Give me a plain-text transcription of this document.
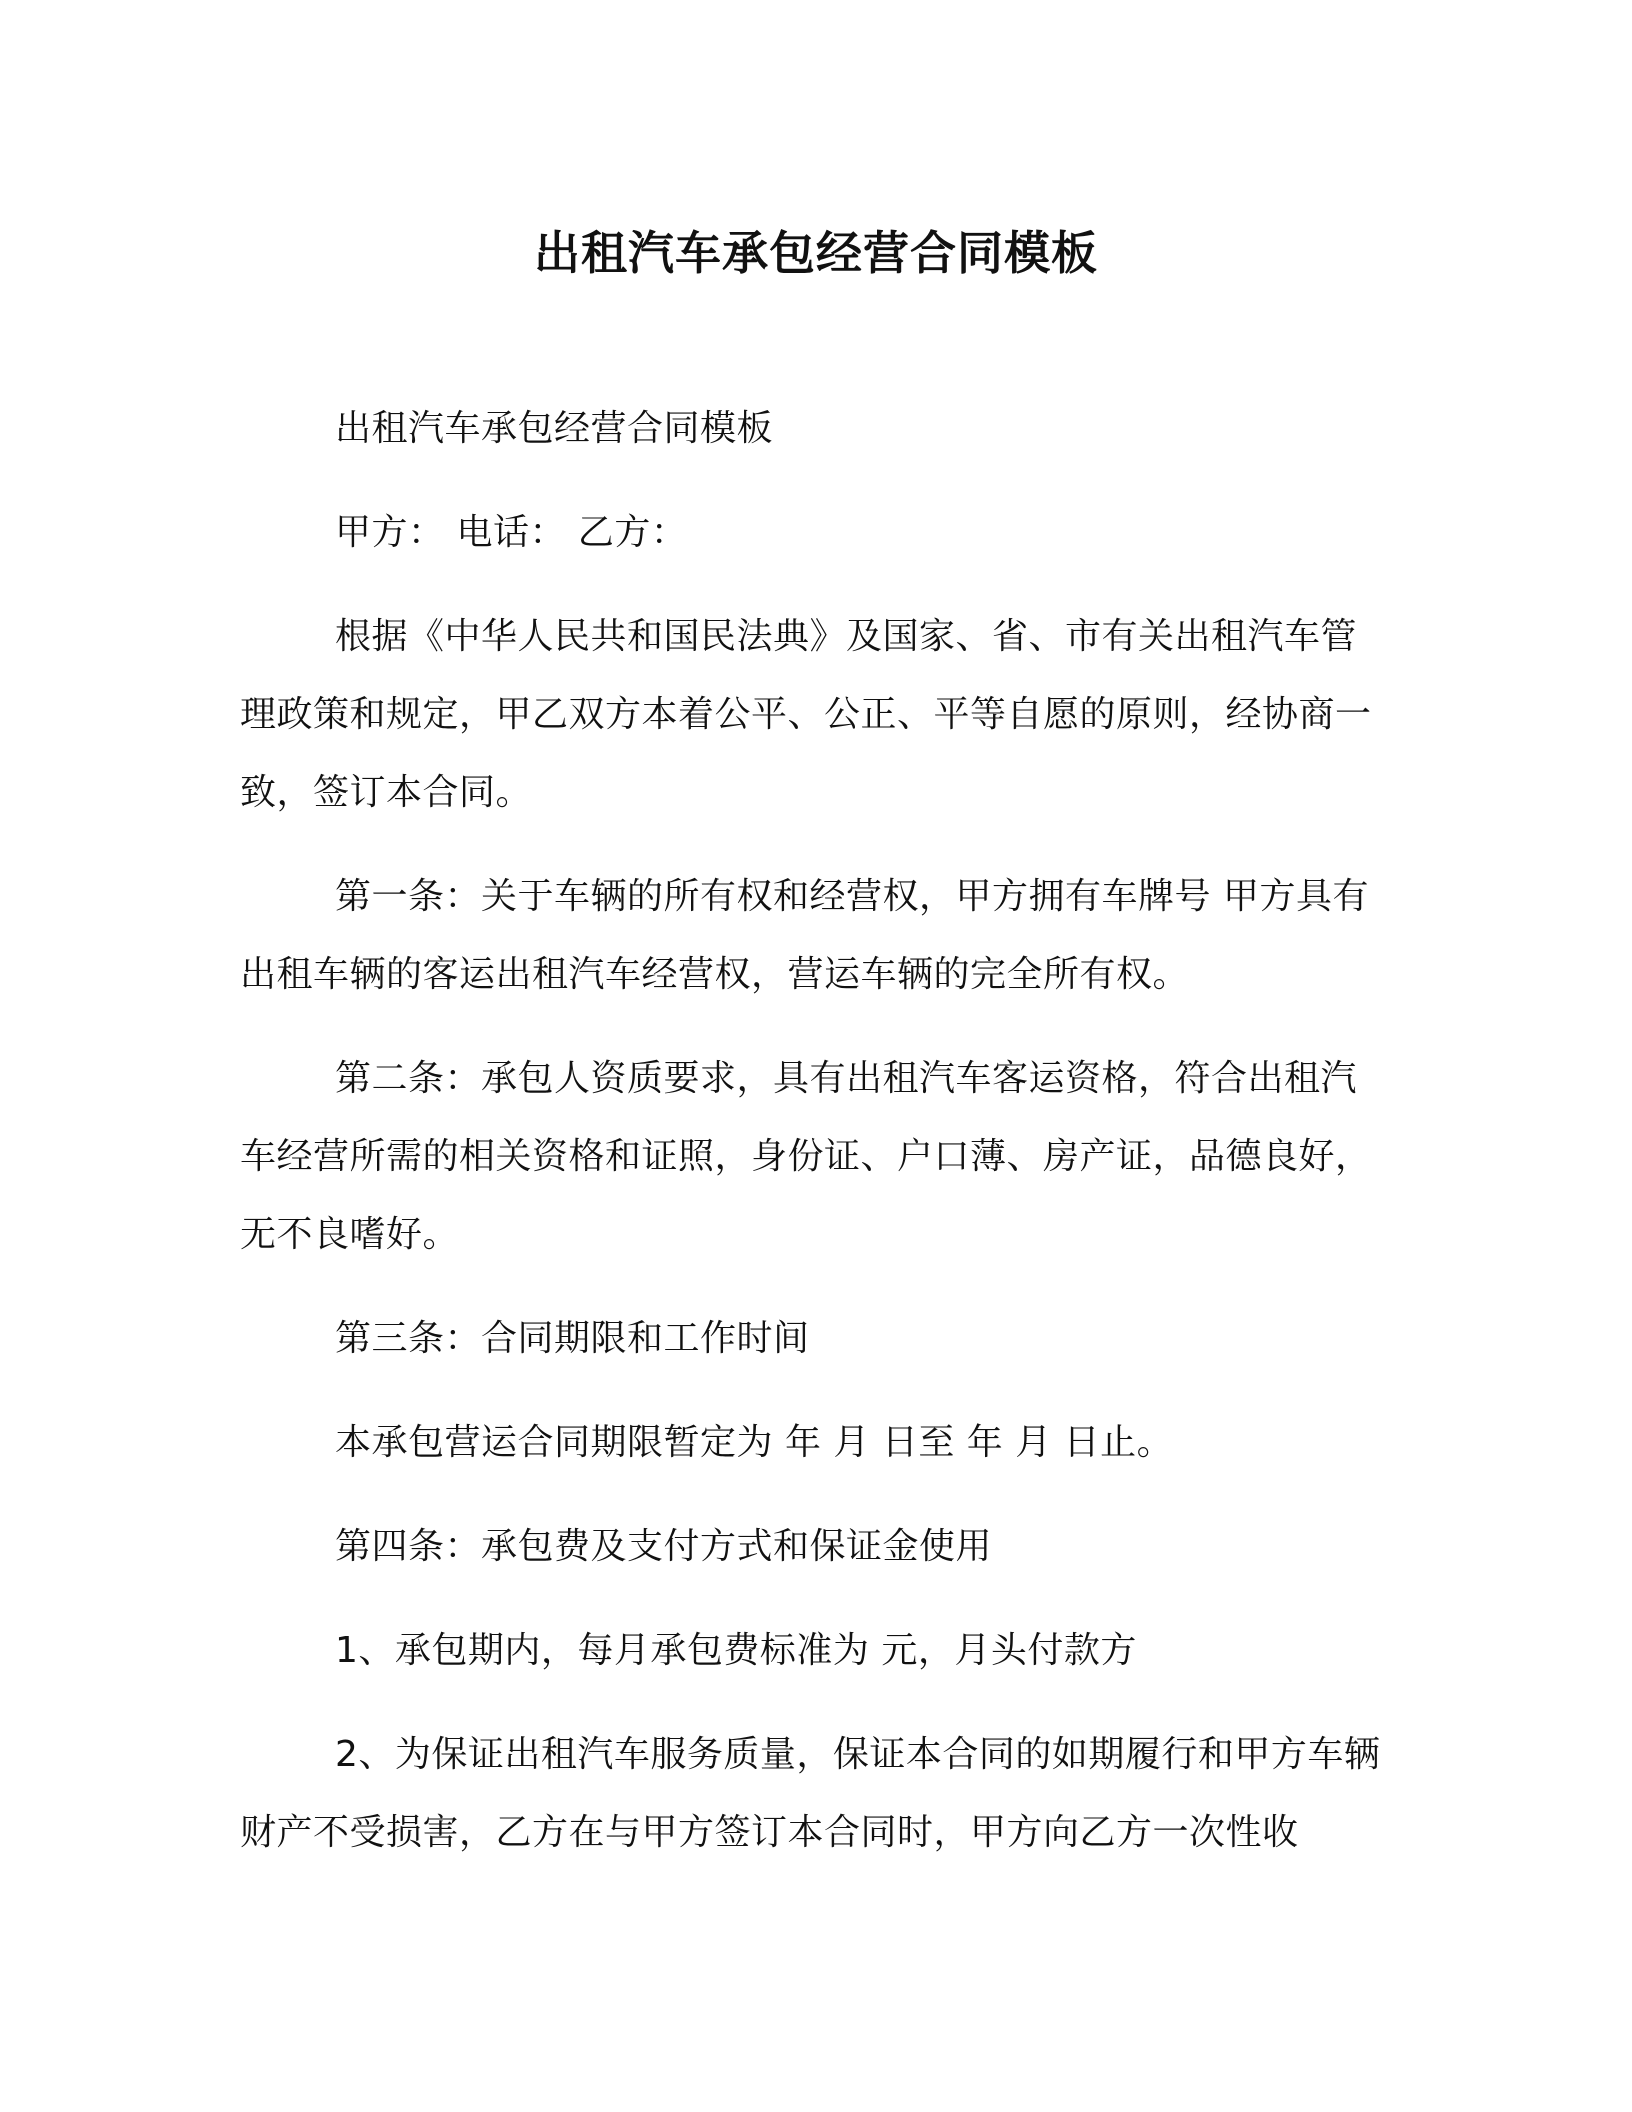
出租汽车承包经营合同模板

出租汽车承包经营合同模板

甲方： 电话： 乙方：

根据《中华人民共和国民法典》及国家、省、市有关出租汽车管理政策和规定，甲乙双方本着公平、公正、平等自愿的原则，经协商一致，签订本合同。

第一条：关于车辆的所有权和经营权，甲方拥有车牌号 甲方具有出租车辆的客运出租汽车经营权，营运车辆的完全所有权。

第二条：承包人资质要求，具有出租汽车客运资格，符合出租汽车经营所需的相关资格和证照，身份证、户口薄、房产证，品德良好，无不良嗜好。

第三条：合同期限和工作时间

本承包营运合同期限暂定为 年 月 日至 年 月 日止。

第四条：承包费及支付方式和保证金使用

1、承包期内，每月承包费标准为 元，月头付款方

2、为保证出租汽车服务质量，保证本合同的如期履行和甲方车辆财产不受损害，乙方在与甲方签订本合同时，甲方向乙方一次性收
